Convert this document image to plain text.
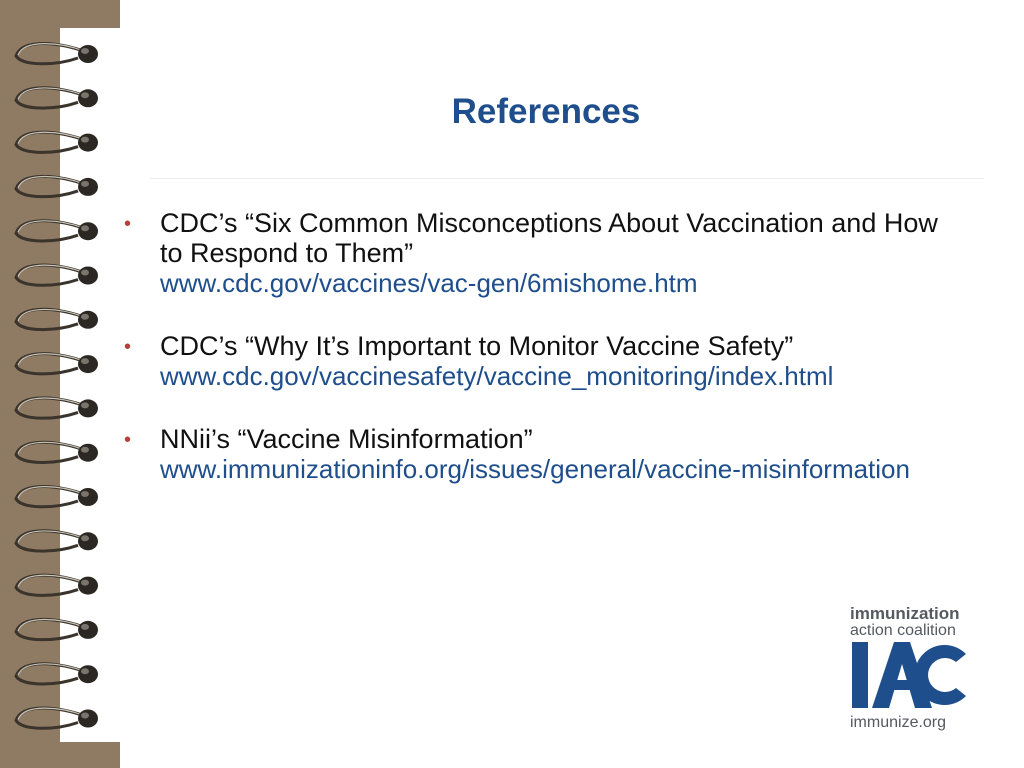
References
• CDC’s “Six Common Misconceptions About Vaccination and How to Respond to Them”
www.cdc.gov/vaccines/vac-gen/6mishome.htm
• CDC’s “Why It’s Important to Monitor Vaccine Safety”
www.cdc.gov/vaccinesafety/vaccine_monitoring/index.html
• NNii’s “Vaccine Misinformation”
www.immunizationinfo.org/issues/general/vaccine-misinformation
immunization
action coalition
immunize.org
